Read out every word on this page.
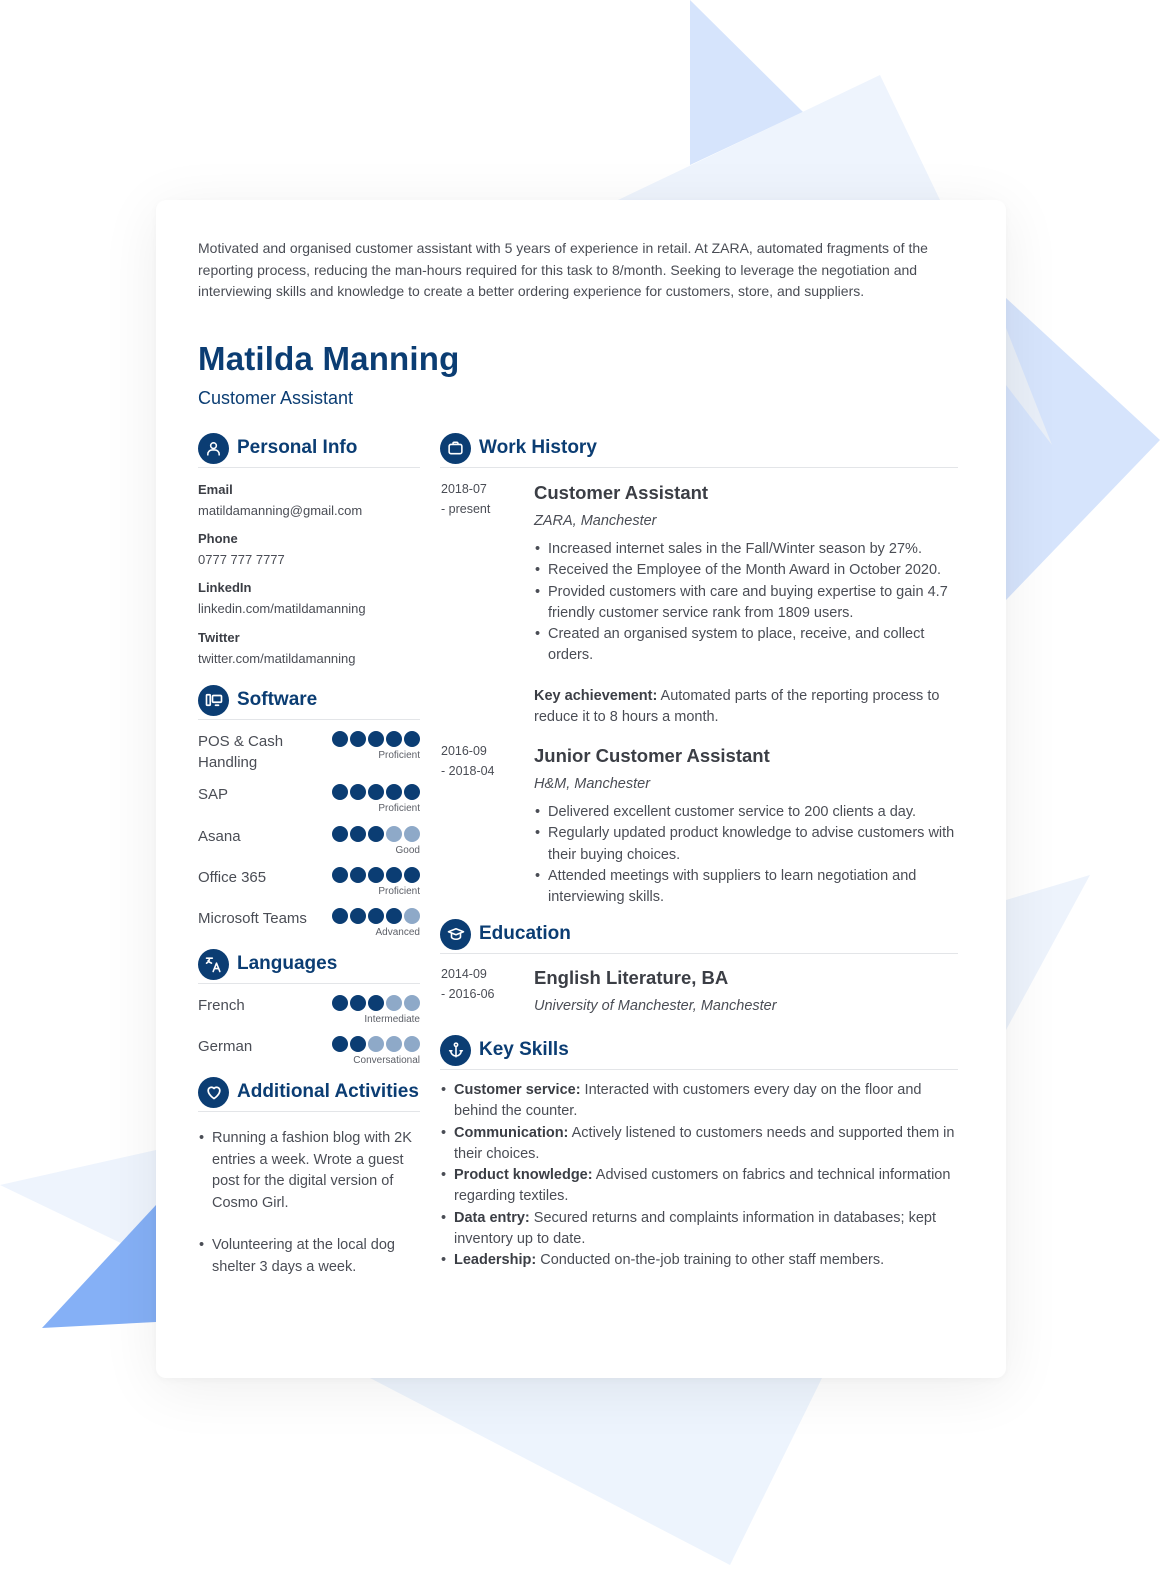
Motivated and organised customer assistant with 5 years of experience in retail. At ZARA, automated fragments of the reporting process, reducing the man-hours required for this task to 8/month. Seeking to leverage the negotiation and interviewing skills and knowledge to create a better ordering experience for customers, store, and suppliers.

Matilda Manning
Customer Assistant
Personal Info
Email
matildamanning@gmail.com
Phone
0777 777 7777
LinkedIn
linkedin.com/matildamanning
Twitter
twitter.com/matildamanning
Software
POS & Cash Handling	Proficient
SAP
Proficient
Asana
Good
Office 365
Proficient
Microsoft Teams
Advanced
Languages
French
Intermediate
German
Conversational
Additional Activities
• Running a fashion blog with 2K entries a week. Wrote a guest post for the digital version of Cosmo Girl.
• Volunteering at the local dog shelter 3 days a week.
Work History
2018-07
- present
Customer Assistant
ZARA, Manchester
• Increased internet sales in the Fall/Winter season by 27%.
• Received the Employee of the Month Award in October 2020.
• Provided customers with care and buying expertise to gain 4.7 friendly customer service rank from 1809 users.
• Created an organised system to place, receive, and collect orders.

Key achievement: Automated parts of the reporting process to reduce it to 8 hours a month.

2016-09
- 2018-04
Junior Customer Assistant
H&M, Manchester
• Delivered excellent customer service to 200 clients a day.
• Regularly updated product knowledge to advise customers with their buying choices.
• Attended meetings with suppliers to learn negotiation and interviewing skills.
Education
2014-09
- 2016-06
English Literature, BA
University of Manchester, Manchester
Key Skills
• Customer service: Interacted with customers every day on the floor and behind the counter.
• Communication: Actively listened to customers needs and supported them in their choices.
• Product knowledge: Advised customers on fabrics and technical information regarding textiles.
• Data entry: Secured returns and complaints information in databases; kept inventory up to date.
• Leadership: Conducted on-the-job training to other staff members.
